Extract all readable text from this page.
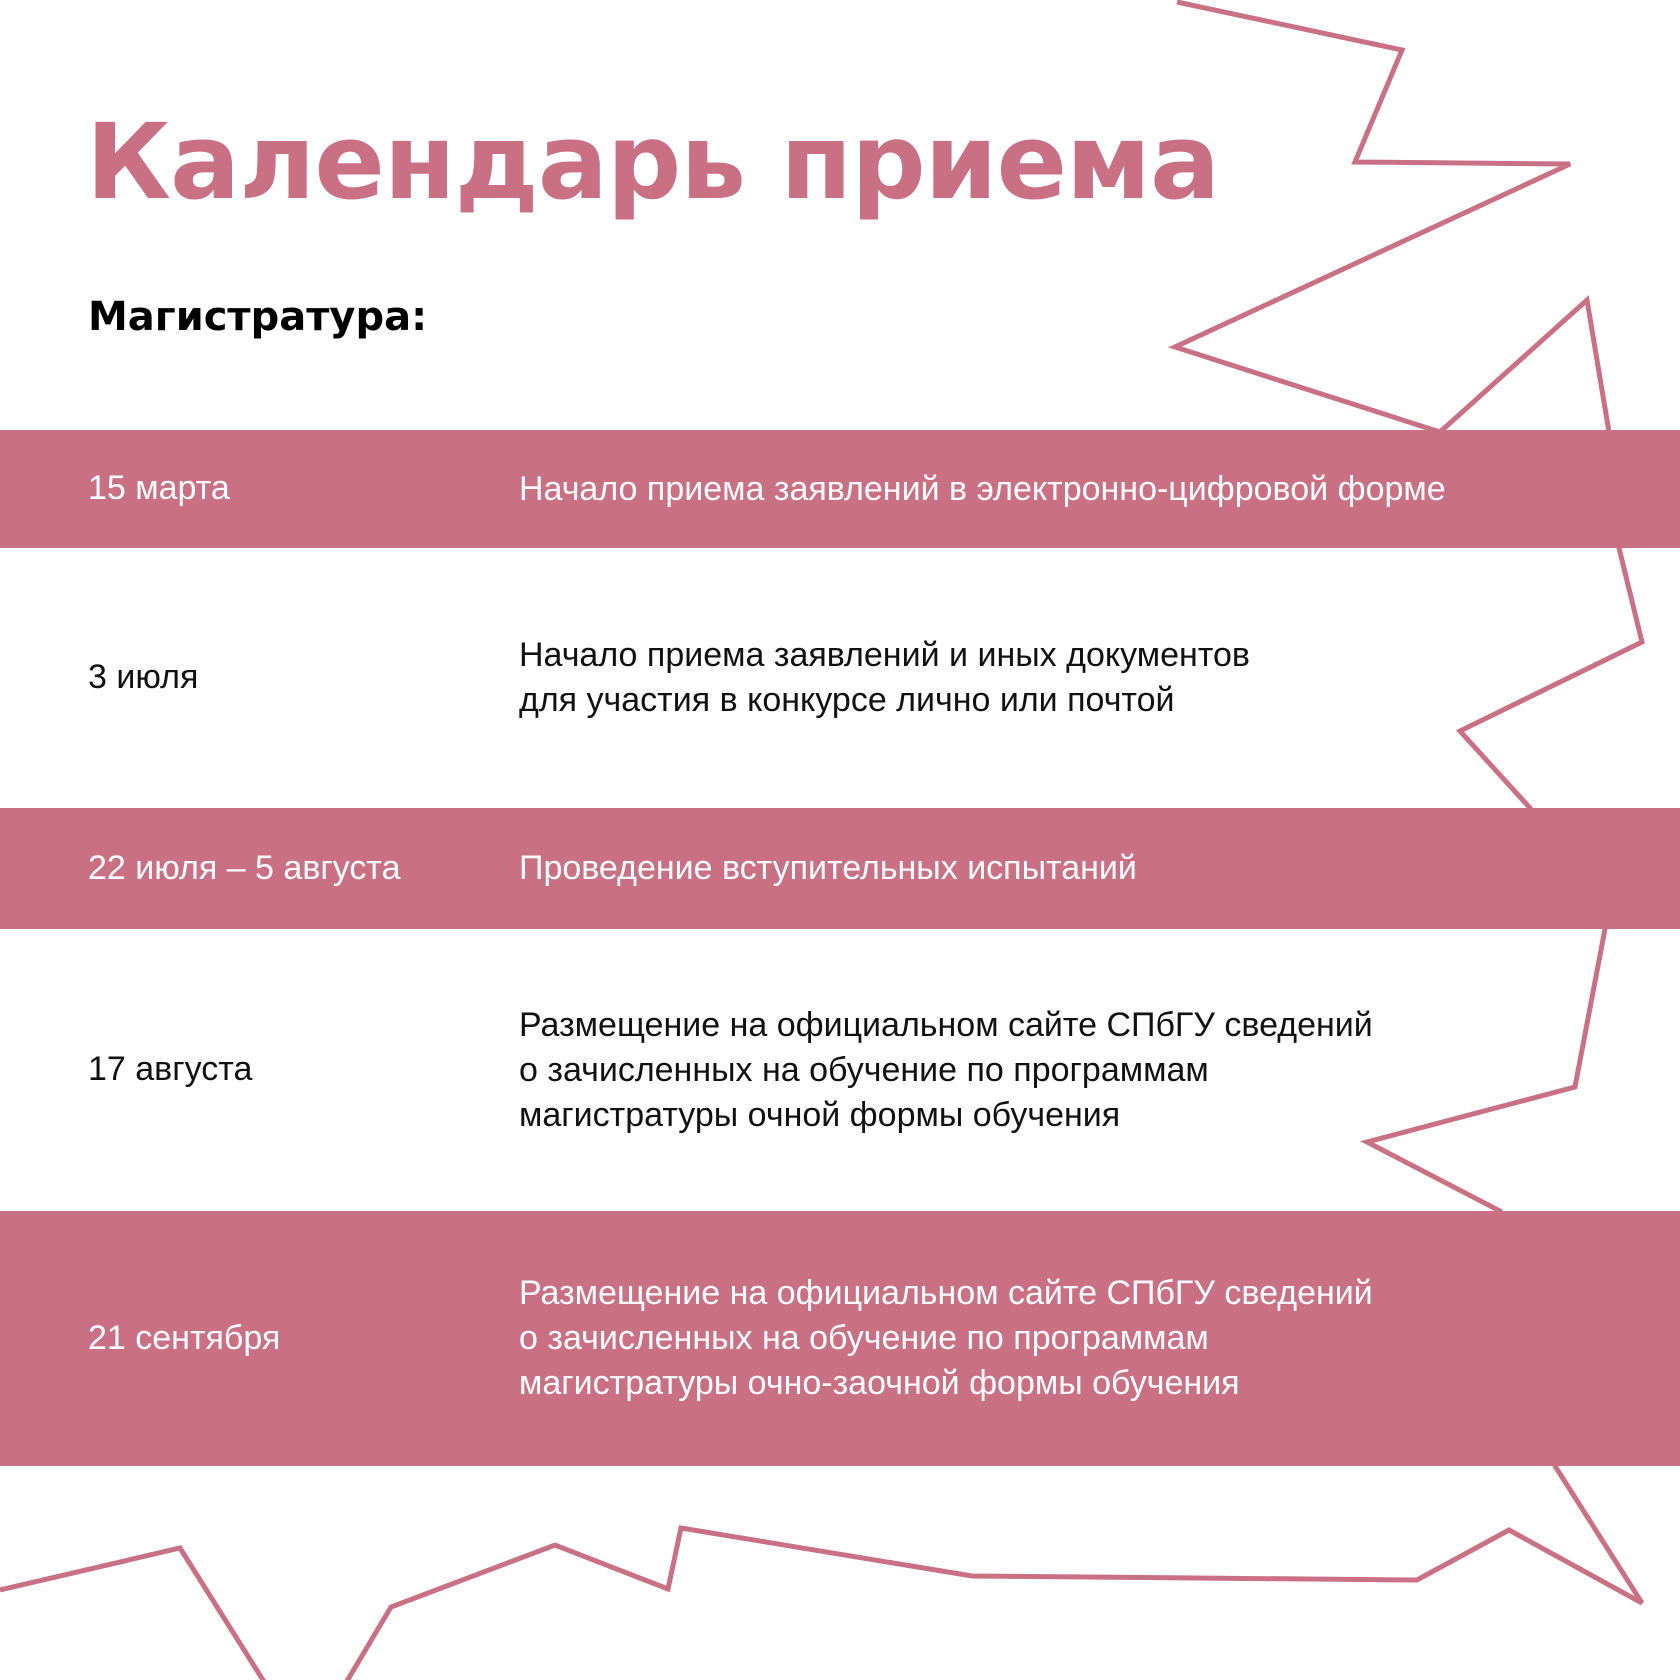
Календарь приема
Магистратура:
15 марта	Начало приема заявлений в электронно-цифровой форме
3 июля
Начало приема заявлений и иных документов
для участия в конкурсе лично или почтой
22 июля – 5 августа	Проведение вступительных испытаний
17 августа
Размещение на официальном сайте СПбГУ сведений
о зачисленных на обучение по программам
магистратуры очной формы обучения
21 сентября
Размещение на официальном сайте СПбГУ сведений
о зачисленных на обучение по программам
магистратуры очно-заочной формы обучения
